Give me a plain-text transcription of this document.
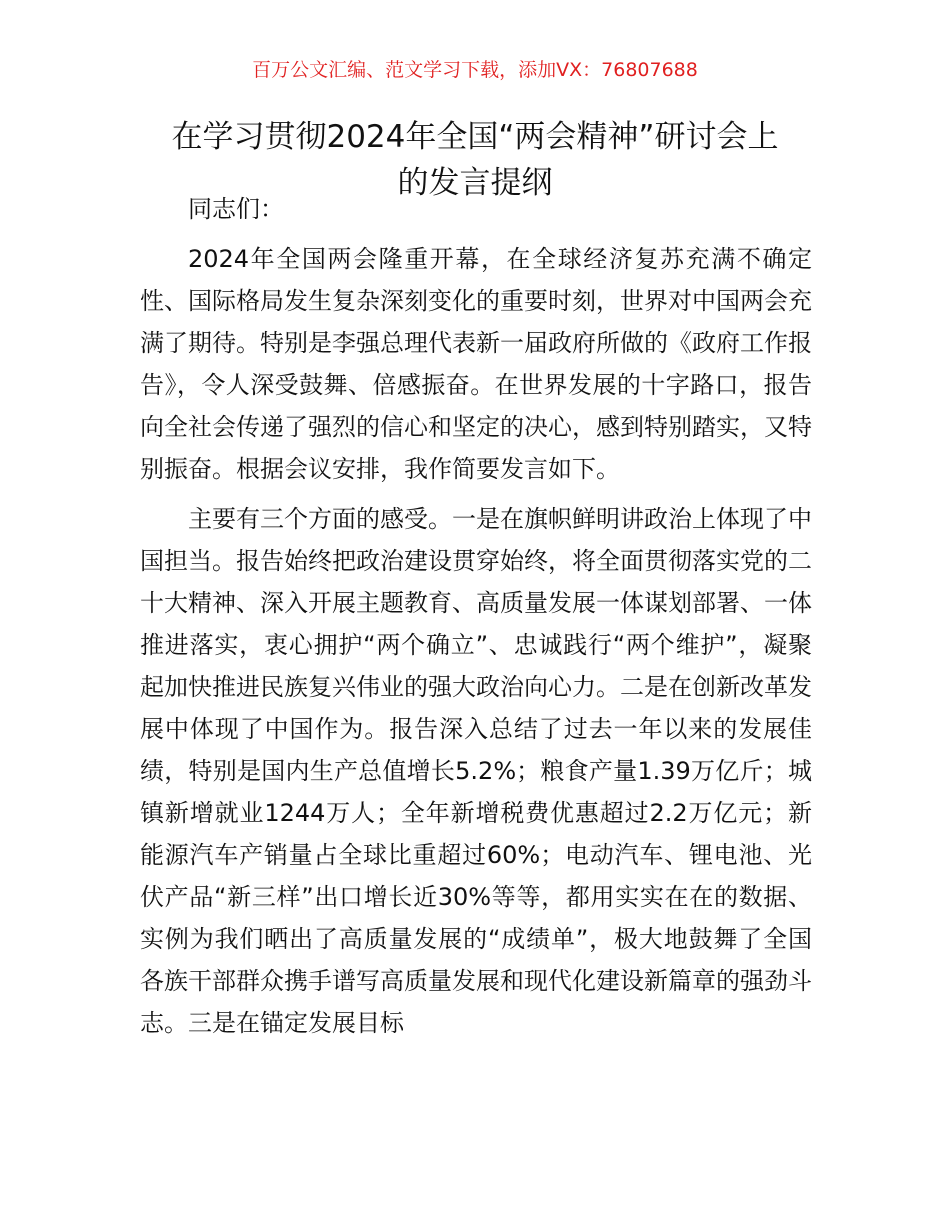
百万公文汇编、范文学习下载，添加VX：76807688
在学习贯彻2024年全国“两会精神”研讨会上
的发言提纲

同志们：

2024年全国两会隆重开幕，在全球经济复苏充满不确定性、国际格局发生复杂深刻变化的重要时刻，世界对中国两会充满了期待。特别是李强总理代表新一届政府所做的《政府工作报告》，令人深受鼓舞、倍感振奋。在世界发展的十字路口，报告向全社会传递了强烈的信心和坚定的决心，感到特别踏实，又特别振奋。根据会议安排，我作简要发言如下。

主要有三个方面的感受。一是在旗帜鲜明讲政治上体现了中国担当。报告始终把政治建设贯穿始终，将全面贯彻落实党的二十大精神、深入开展主题教育、高质量发展一体谋划部署、一体推进落实，衷心拥护“两个确立”、忠诚践行“两个维护”，凝聚起加快推进民族复兴伟业的强大政治向心力。二是在创新改革发展中体现了中国作为。报告深入总结了过去一年以来的发展佳绩，特别是国内生产总值增长5.2%；粮食产量1.39万亿斤；城镇新增就业1244万人；全年新增税费优惠超过2.2万亿元；新能源汽车产销量占全球比重超过60%；电动汽车、锂电池、光伏产品“新三样”出口增长近30%等等，都用实实在在的数据、实例为我们晒出了高质量发展的“成绩单”，极大地鼓舞了全国各族干部群众携手谱写高质量发展和现代化建设新篇章的强劲斗志。三是在锚定发展目标
